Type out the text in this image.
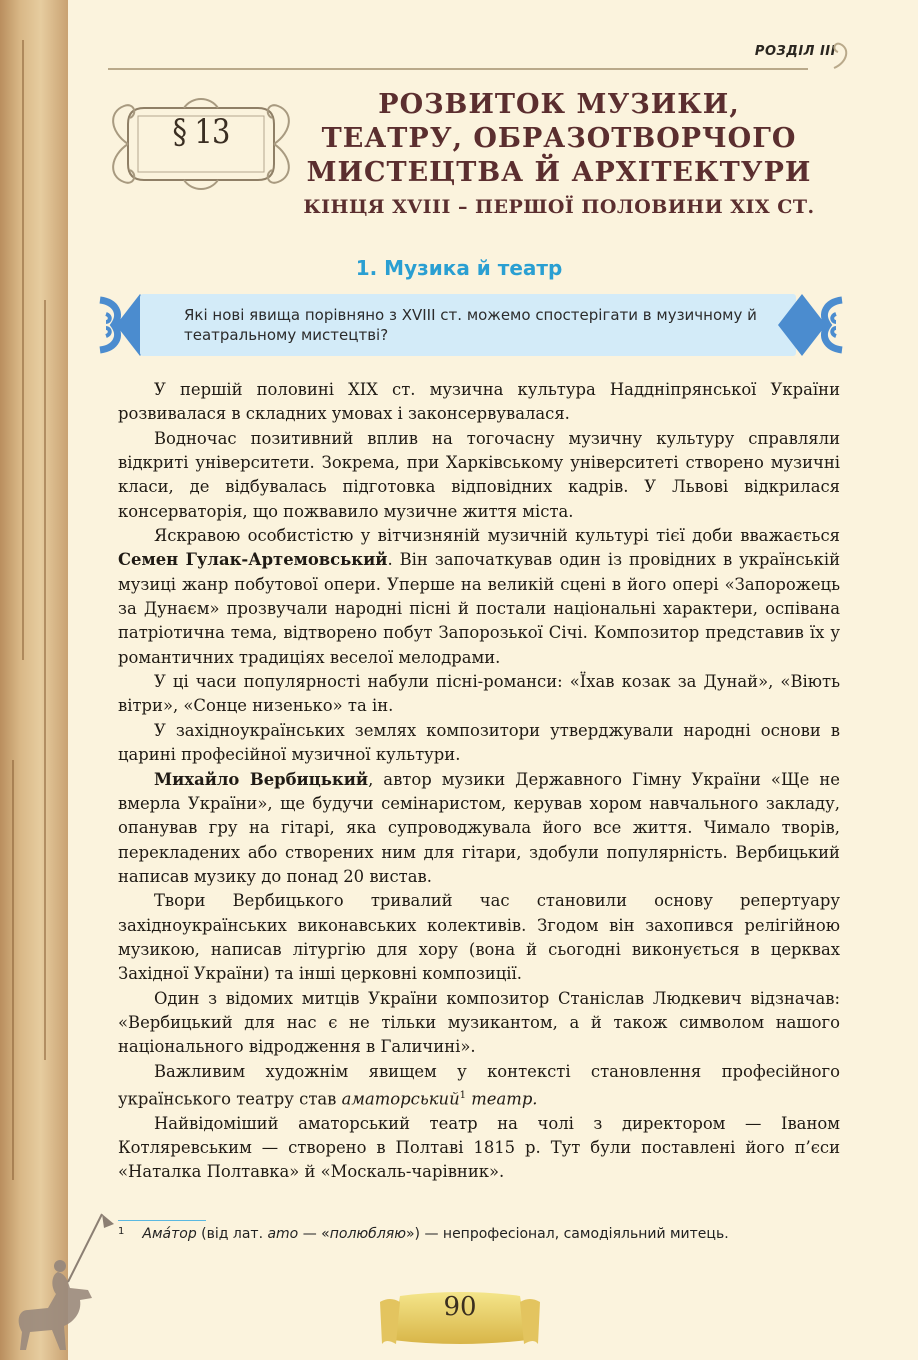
РОЗДІЛ III
§ 13
РОЗВИТОК МУЗИКИ,
ТЕАТРУ, ОБРАЗОТВОРЧОГО
МИСТЕЦТВА Й АРХІТЕКТУРИ
КІНЦЯ XVIII – ПЕРШОЇ ПОЛОВИНИ XIX СТ.
1. Музика й театр
Які нові явища порівняно з XVIII ст. можемо спостерігати в музичному й театральному мистецтві?

У першій половині XIX ст. музична культура Наддніпрянської України розвивалася в складних умовах і законсервувалася.

Водночас позитивний вплив на тогочасну музичну культуру справляли відкриті університети. Зокрема, при Харківському університеті створено музичні класи, де відбувалась підготовка відповідних кадрів. У Львові відкрилася консерваторія, що пожвавило музичне життя міста.

Яскравою особистістю у вітчизняній музичній культурі тієї доби вважається Семен Гулак-Артемовський. Він започаткував один із провідних в українській музиці жанр побутової опери. Уперше на великій сцені в його опері «Запорожець за Дунаєм» прозвучали народні пісні й постали національні характери, оспівана патріотична тема, відтворено побут Запорозької Січі. Композитор представив їх у романтичних традиціях веселої мелодрами.

У ці часи популярності набули пісні-романси: «Їхав козак за Дунай», «Віють вітри», «Сонце низенько» та ін.

У західноукраїнських землях композитори утверджували народні основи в царині професійної музичної культури.

Михайло Вербицький, автор музики Державного Гімну України «Ще не вмерла України», ще будучи семінаристом, керував хором навчального закладу, опанував гру на гітарі, яка супроводжувала його все життя. Чимало творів, перекладених або створених ним для гітари, здобули популярність. Вербицький написав музику до понад 20 вистав.

Твори Вербицького тривалий час становили основу репертуару західноукраїнських виконавських колективів. Згодом він захопився релігійною музикою, написав літургію для хору (вона й сьогодні виконується в церквах Західної України) та інші церковні композиції.

Один з відомих митців України композитор Станіслав Людкевич відзначав: «Вербицький для нас є не тільки музикантом, а й також символом нашого національного відродження в Галичині».

Важливим художнім явищем у контексті становлення професійного українського театру став аматорський$^1$ театр.

Найвідоміший аматорський театр на чолі з директором — Іваном Котляревським — створено в Полтаві 1815 р. Тут були поставлені його п’єси «Наталка Полтавка» й «Москаль-чарівник».

$^1$ Ама́тор (від лат. amo — «полюбляю») — непрофесіонал, самодіяльний митець.
90
